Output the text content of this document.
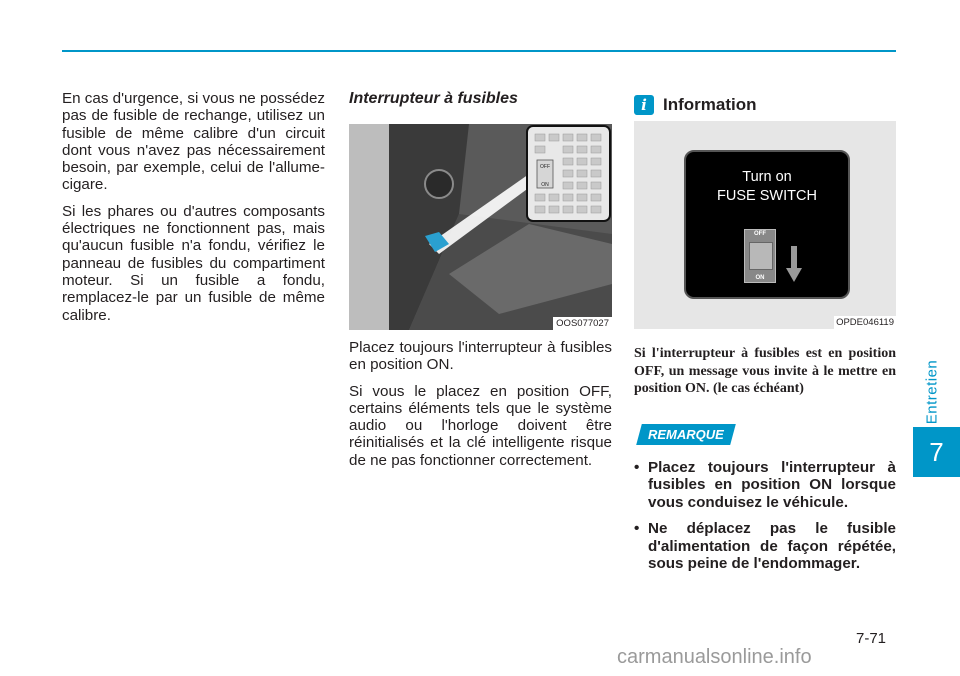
Entretien
7

En cas d'urgence, si vous ne possédez pas de fusible de rechange, utilisez un fusible de même calibre d'un circuit dont vous n'avez pas nécessairement besoin, par exemple, celui de l'allume-cigare.

Si les phares ou d'autres composants électriques ne fonctionnent pas, mais qu'aucun fusible n'a fondu, vérifiez le panneau de fusibles du compartiment moteur. Si un fusible a fondu, remplacez-le par un fusible de même calibre.

Interrupteur à fusibles
OFF
ON
OOS077027

Placez toujours l'interrupteur à fusibles en position ON.

Si vous le placez en position OFF, certains éléments tels que le système audio ou l'horloge doivent être réinitialisés et la clé intelligente risque de ne pas fonctionner correctement.

i Information
Turn on
FUSE SWITCH
OFF
ON
OPDE046119

Si l'interrupteur à fusibles est en position OFF, un message vous invite à le mettre en position ON. (le cas échéant)

REMARQUE
• Placez toujours l'interrupteur à fusibles en position ON lorsque vous conduisez le véhicule.
• Ne déplacez pas le fusible d'alimentation de façon répétée, sous peine de l'endommager.
7-71
carmanualsonline.info
